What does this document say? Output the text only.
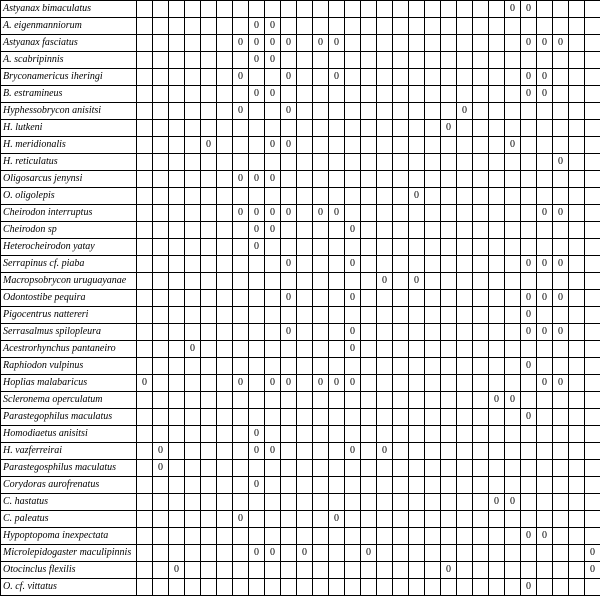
Astyanax bimaculatus																								0	0						
A. eigenmanniorum								0	0																						
Astyanax fasciatus							0	0	0	0		0	0												0	0	0				
A. scabripinnis								0	0																						
Bryconamericus iheringi							0			0			0												0	0					
B. estramineus								0	0																0	0					
Hyphessobrycon anisitsi							0			0											0										
H. lutkeni																				0											
H. meridionalis					0				0	0														0							
H. reticulatus																											0				
Oligosarcus jenynsi							0	0	0																						
O. oligolepis																		0													
Cheirodon interruptus							0	0	0	0		0	0													0	0				
Cheirodon sp								0	0					0																	
Heterocheirodon yatay								0																							
Serrapinus cf. piaba										0				0											0	0	0				
Macropsobrycon uruguayanae																0		0													
Odontostibe pequira										0				0											0	0	0				
Pigocentrus nattereri																									0						
Serrasalmus spilopleura										0				0											0	0	0				
Acestrorhynchus pantaneiro				0										0																	
Raphiodon vulpinus																									0						
Hoplias malabaricus	0						0		0	0		0	0	0												0	0				
Scleronema operculatum																							0	0							
Parastegophilus maculatus																									0						
Homodiaetus anisitsi								0																							
H. vazferreirai		0						0	0					0		0															
Parastegosphilus maculatus		0																													
Corydoras aurofrenatus								0																							
C. hastatus																							0	0							
C. paleatus							0						0																		
Hypoptopoma inexpectata																									0	0					
Microlepidogaster maculipinnis								0	0		0				0														0		
Otocinclus flexilis			0																	0									0		
O. cf. vittatus																									0						
